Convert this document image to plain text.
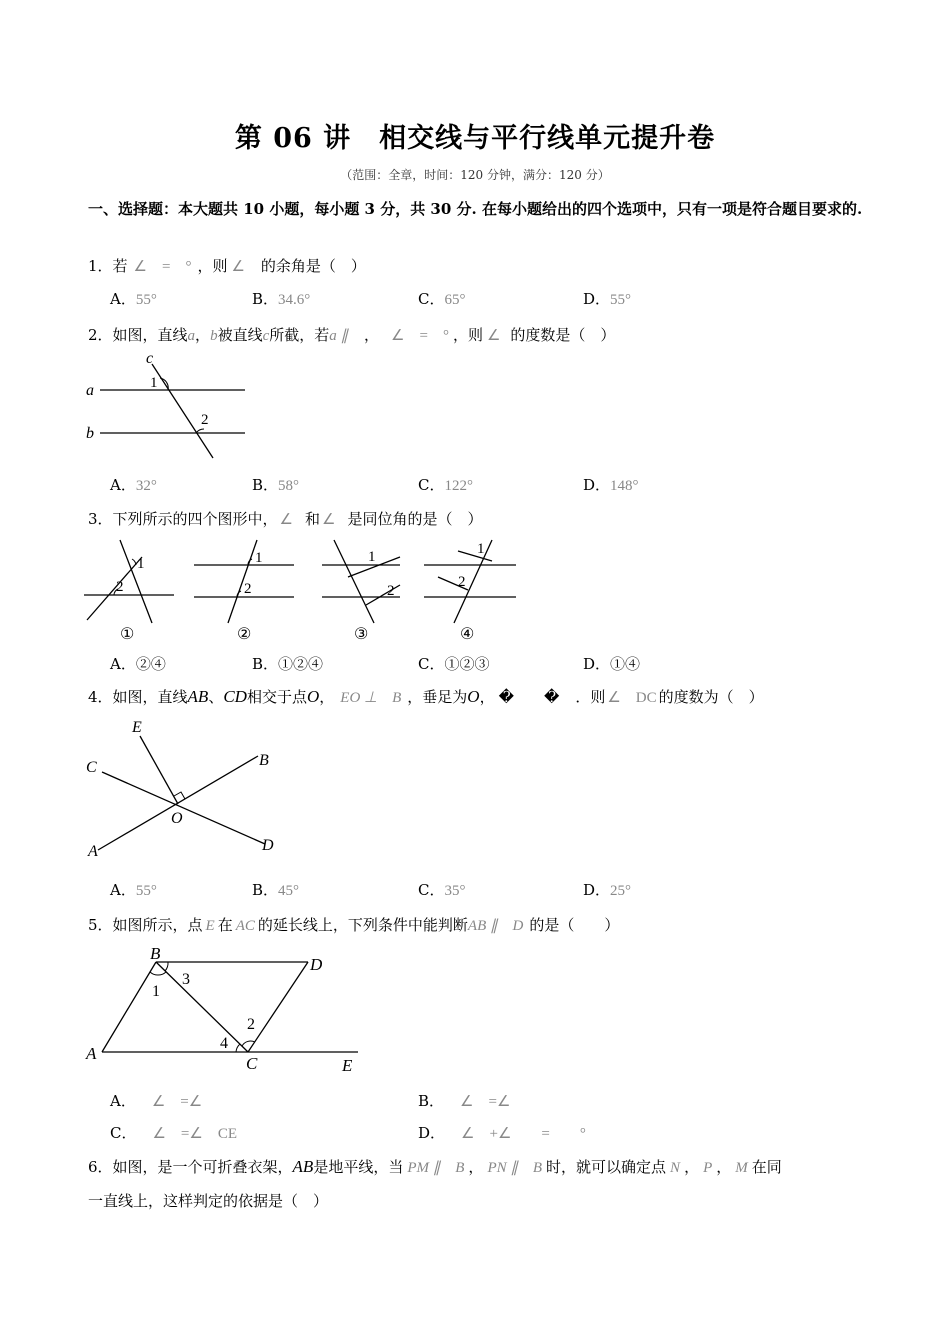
第 06 讲　相交线与平行线单元提升卷
（范围：全章，时间：120 分钟，满分：120 分）
一、选择题：本大题共 10 小题，每小题 3 分，共 30 分. 在每小题给出的四个选项中，只有一项是符合题目要求的.
1．若 ∠　=　° ，则 ∠ 的余角是（　）
A．55°	B．34.6°	C．65°	D．55°
2．如图，直线a，b被直线c所截，若a ∥ ， ∠　=　° ，则 ∠ 的度数是（　）
c
a
b
1
2
A．32°	B．58°	C．122°	D．148°
3．下列所示的四个图形中， ∠ 和 ∠ 是同位角的是（　）
1
2
1
2
1
2
1
2
①	②	③	④
A．②④	B．①②④	C．①②③	D．①④
4．如图，直线AB、CD相交于点O， EO ⊥　B ，垂足为O， �　　� ．则 ∠　DC 的度数为（　）
E
B
C
O
A	D
A．55°	B．45°	C．35°	D．25°
5．如图所示，点 E 在 AC 的延长线上，下列条件中能判断AB ∥　D 的是（　　）
B
D
A
C	E
1
2
3
4
A． ∠　=∠	B． ∠　=∠
C． ∠　=∠　CE	D． ∠　+∠　　=　　°
6．如图，是一个可折叠衣架，AB是地平线，当 PM ∥　B ， PN ∥　B 时，就可以确定点 N ， P ， M 在同
一直线上，这样判定的依据是（　）
